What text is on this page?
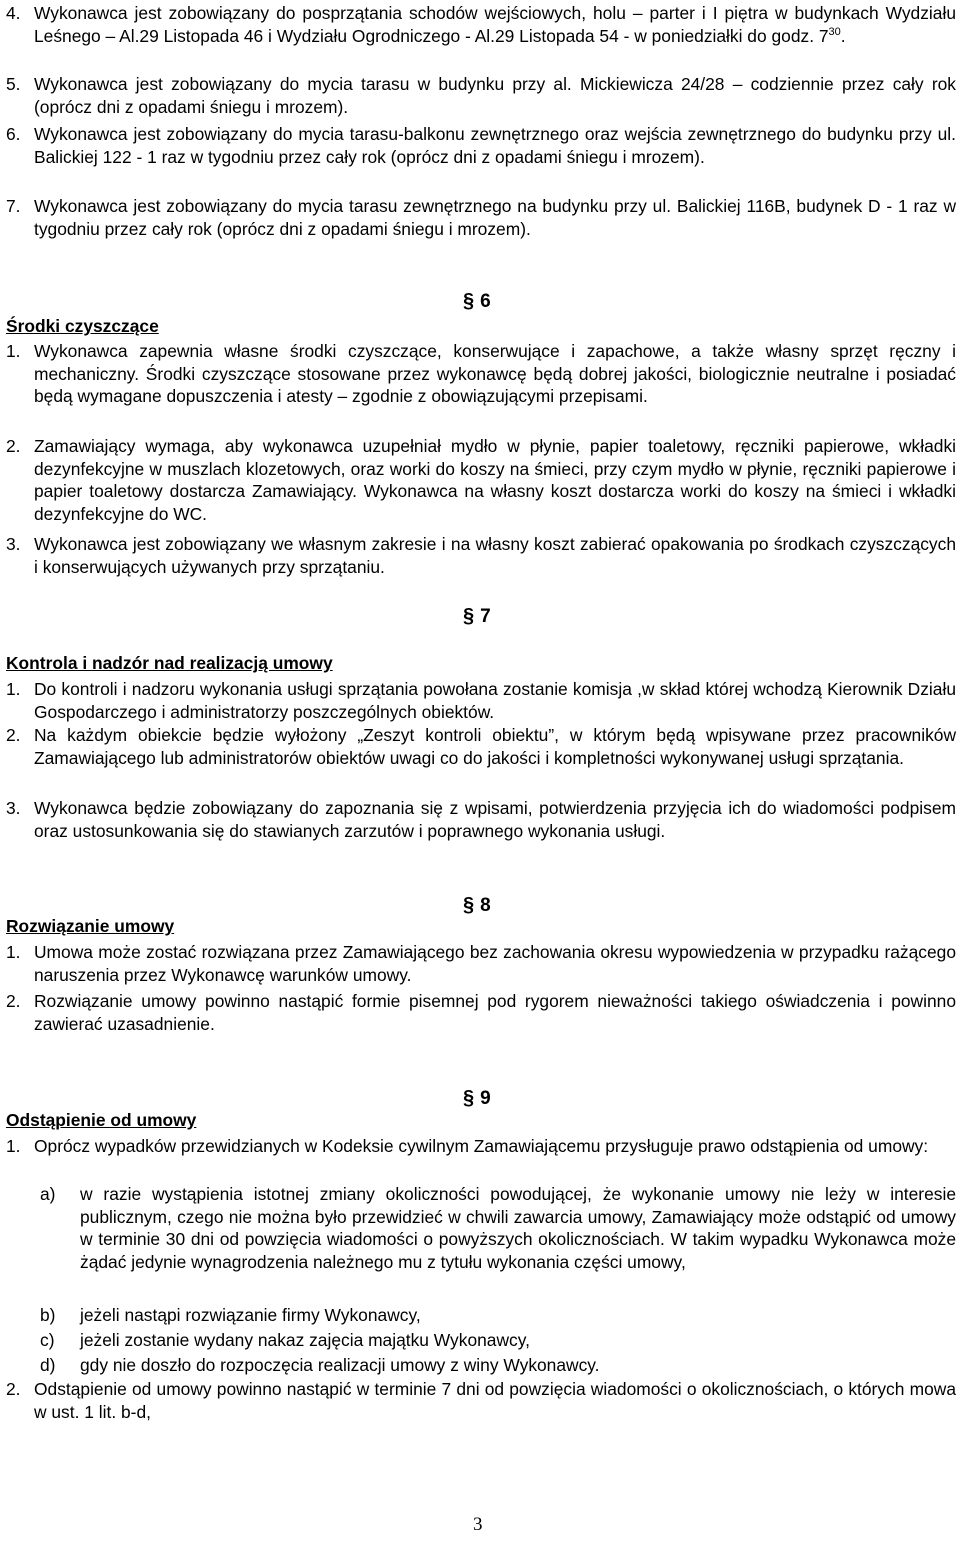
4. Wykonawca jest zobowiązany do posprzątania schodów wejściowych, holu – parter i I piętra w budynkach Wydziału Leśnego – Al.29 Listopada 46 i Wydziału Ogrodniczego - Al.29 Listopada 54 - w poniedziałki do godz. $7^{30}$.
5. Wykonawca jest zobowiązany do mycia tarasu w budynku przy al. Mickiewicza 24/28 – codziennie przez cały rok (oprócz dni z opadami śniegu i mrozem).
6. Wykonawca jest zobowiązany do mycia tarasu-balkonu zewnętrznego oraz wejścia zewnętrznego do budynku przy ul. Balickiej 122 - 1 raz w tygodniu przez cały rok (oprócz dni z opadami śniegu i mrozem).
7. Wykonawca jest zobowiązany do mycia tarasu zewnętrznego na budynku przy ul. Balickiej 116B, budynek D - 1 raz w tygodniu przez cały rok (oprócz dni z opadami śniegu i mrozem).
§ 6
Środki czyszczące
1. Wykonawca zapewnia własne środki czyszczące, konserwujące i zapachowe, a także własny sprzęt ręczny i mechaniczny. Środki czyszczące stosowane przez wykonawcę będą dobrej jakości, biologicznie neutralne i posiadać będą wymagane dopuszczenia i atesty – zgodnie z obowiązującymi przepisami.
2. Zamawiający wymaga, aby wykonawca uzupełniał mydło w płynie, papier toaletowy, ręczniki papierowe, wkładki dezynfekcyjne w muszlach klozetowych, oraz worki do koszy na śmieci, przy czym mydło w płynie, ręczniki papierowe i papier toaletowy dostarcza Zamawiający. Wykonawca na własny koszt dostarcza worki do koszy na śmieci i wkładki dezynfekcyjne do WC.
3. Wykonawca jest zobowiązany we własnym zakresie i na własny koszt zabierać opakowania po środkach czyszczących i konserwujących używanych przy sprzątaniu.
§ 7
Kontrola i nadzór nad realizacją umowy
1. Do kontroli i nadzoru wykonania usługi sprzątania powołana zostanie komisja ,w skład której wchodzą Kierownik Działu Gospodarczego i administratorzy poszczególnych obiektów.
2. Na każdym obiekcie będzie wyłożony „Zeszyt kontroli obiektu”, w którym będą wpisywane przez pracowników Zamawiającego lub administratorów obiektów uwagi co do jakości i kompletności wykonywanej usługi sprzątania.
3. Wykonawca będzie zobowiązany do zapoznania się z wpisami, potwierdzenia przyjęcia ich do wiadomości podpisem oraz ustosunkowania się do stawianych zarzutów i poprawnego wykonania usługi.
§ 8
Rozwiązanie umowy
1. Umowa może zostać rozwiązana przez Zamawiającego bez zachowania okresu wypowiedzenia w przypadku rażącego naruszenia przez Wykonawcę warunków umowy.
2. Rozwiązanie umowy powinno nastąpić formie pisemnej pod rygorem nieważności takiego oświadczenia i powinno zawierać uzasadnienie.
§ 9
Odstąpienie od umowy
1. Oprócz wypadków przewidzianych w Kodeksie cywilnym Zamawiającemu przysługuje prawo odstąpienia od umowy:
a) w razie wystąpienia istotnej zmiany okoliczności powodującej, że wykonanie umowy nie leży w interesie publicznym, czego nie można było przewidzieć w chwili zawarcia umowy, Zamawiający może odstąpić od umowy w terminie 30 dni od powzięcia wiadomości o powyższych okolicznościach. W takim wypadku Wykonawca może żądać jedynie wynagrodzenia należnego mu z tytułu wykonania części umowy,
b) jeżeli nastąpi rozwiązanie firmy Wykonawcy,
c) jeżeli zostanie wydany nakaz zajęcia majątku Wykonawcy,
d) gdy nie doszło do rozpoczęcia realizacji umowy z winy Wykonawcy.
2. Odstąpienie od umowy powinno nastąpić w terminie 7 dni od powzięcia wiadomości o okolicznościach, o których mowa w ust. 1 lit. b-d,
3
